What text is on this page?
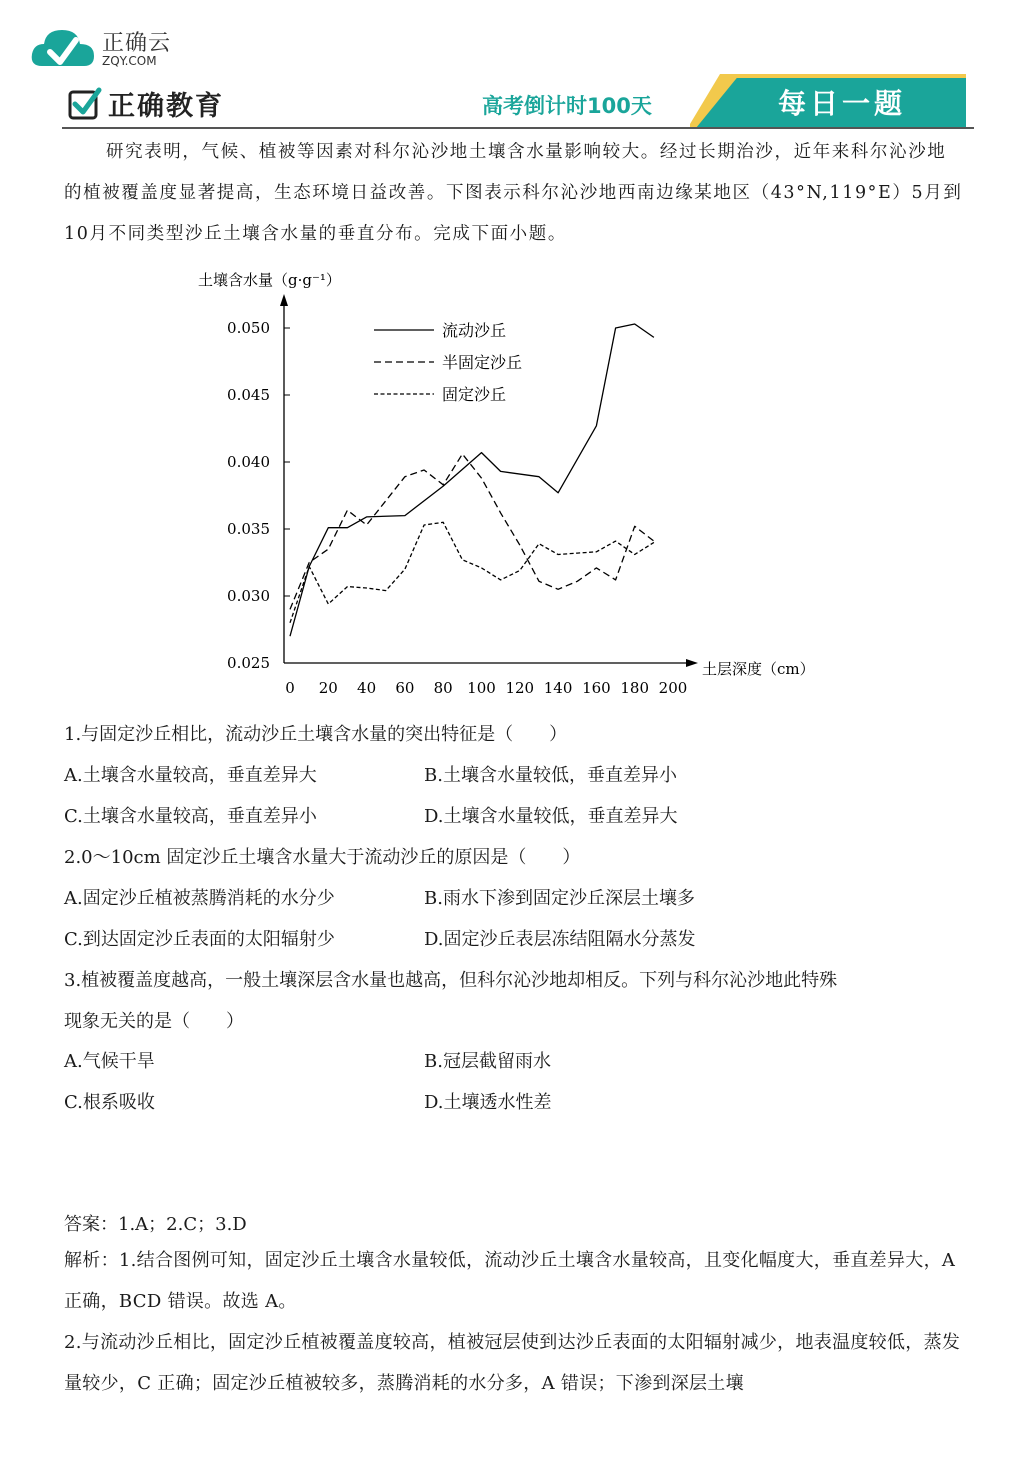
正确云
ZQY.COM
正确教育	高考倒计时100天	每日一题
研究表明，气候、植被等因素对科尔沁沙地土壤含水量影响较大。经过长期治沙，近年来科尔沁沙地的植被覆盖度显著提高，生态环境日益改善。下图表示科尔沁沙地西南边缘某地区（43°N,119°E）5月到10月不同类型沙丘土壤含水量的垂直分布。完成下面小题。
0.025
0.030
0.035
0.040
0.045
0.050
0 20 40 60 80 100 120 140 160 180 200
土壤含水量（g·g⁻¹）
土层深度（cm）
流动沙丘
半固定沙丘
固定沙丘
1.与固定沙丘相比，流动沙丘土壤含水量的突出特征是（　　）
A.土壤含水量较高，垂直差异大	B.土壤含水量较低，垂直差异小
C.土壤含水量较高，垂直差异小	D.土壤含水量较低，垂直差异大
2.0～10cm 固定沙丘土壤含水量大于流动沙丘的原因是（　　）
A.固定沙丘植被蒸腾消耗的水分少	B.雨水下渗到固定沙丘深层土壤多
C.到达固定沙丘表面的太阳辐射少	D.固定沙丘表层冻结阻隔水分蒸发
3.植被覆盖度越高，一般土壤深层含水量也越高，但科尔沁沙地却相反。下列与科尔沁沙地此特殊
现象无关的是（　　）
A.气候干旱	B.冠层截留雨水
C.根系吸收	D.土壤透水性差
答案：1.A；2.C；3.D
解析：1.结合图例可知，固定沙丘土壤含水量较低，流动沙丘土壤含水量较高，且变化幅度大，垂直差异大，A 正确，BCD 错误。故选 A。
2.与流动沙丘相比，固定沙丘植被覆盖度较高，植被冠层使到达沙丘表面的太阳辐射减少，地表温度较低，蒸发量较少，C 正确；固定沙丘植被较多，蒸腾消耗的水分多，A 错误；下渗到深层土壤
